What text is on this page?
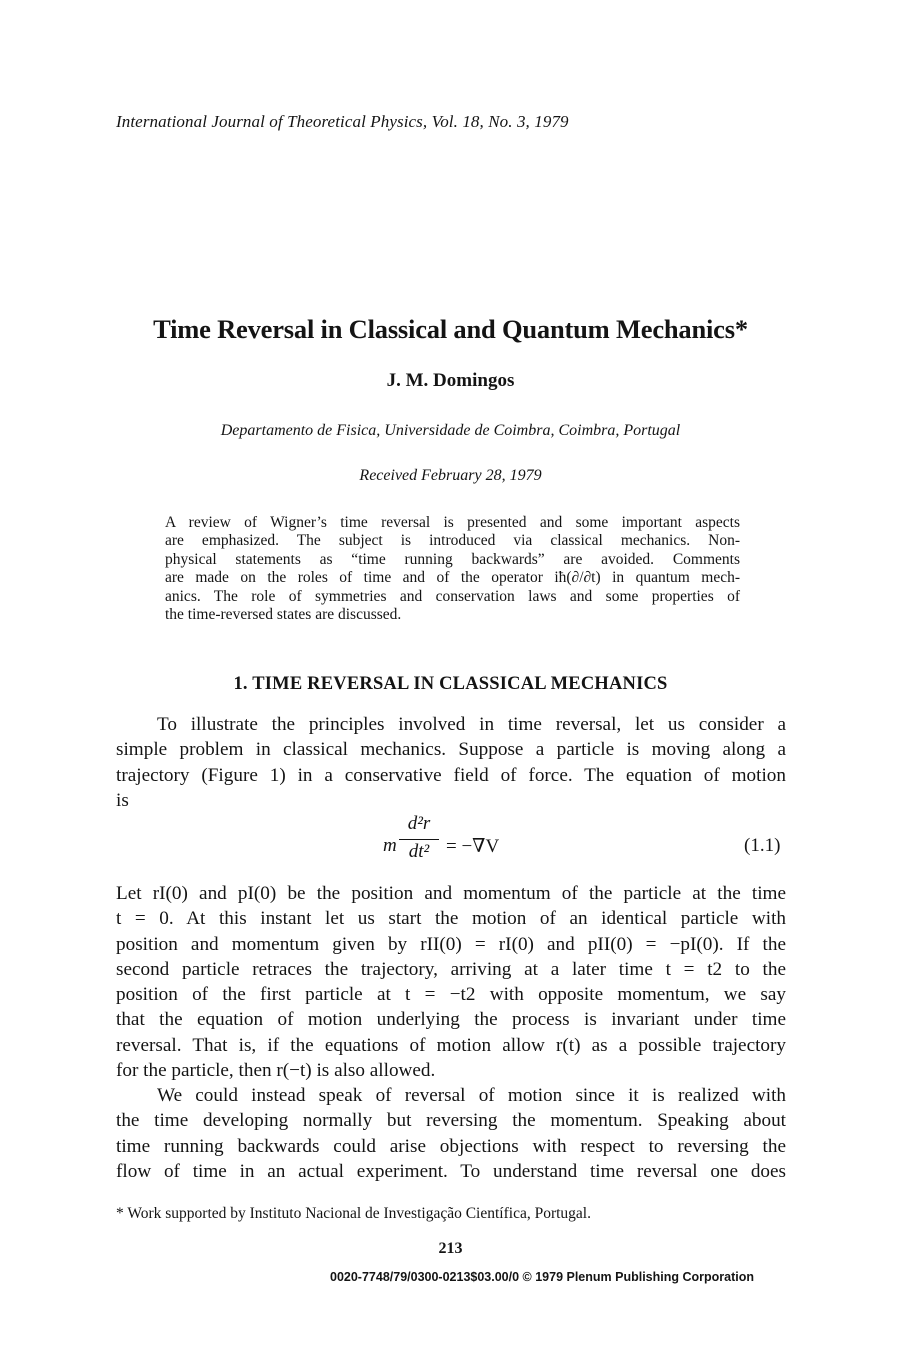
International Journal of Theoretical Physics, Vol. 18, No. 3, 1979
Time Reversal in Classical and Quantum Mechanics*
J. M. Domingos
Departamento de Fisica, Universidade de Coimbra, Coimbra, Portugal
Received February 28, 1979
A review of Wigner’s time reversal is presented and some important aspects
are emphasized. The subject is introduced via classical mechanics. Non-
physical statements as “time running backwards” are avoided. Comments
are made on the roles of time and of the operator iħ(∂/∂t) in quantum mech-
anics. The role of symmetries and conservation laws and some properties of
the time-reversed states are discussed.
1. TIME REVERSAL IN CLASSICAL MECHANICS
To illustrate the principles involved in time reversal, let us consider a
simple problem in classical mechanics. Suppose a particle is moving along a
trajectory (Figure 1) in a conservative field of force. The equation of motion
is
m
d²r
dt² = −∇V	(1.1)
Let rI(0) and pI(0) be the position and momentum of the particle at the time
t = 0. At this instant let us start the motion of an identical particle with
position and momentum given by rII(0) = rI(0) and pII(0) = −pI(0). If the
second particle retraces the trajectory, arriving at a later time t = t2 to the
position of the first particle at t = −t2 with opposite momentum, we say
that the equation of motion underlying the process is invariant under time
reversal. That is, if the equations of motion allow r(t) as a possible trajectory
for the particle, then r(−t) is also allowed.
We could instead speak of reversal of motion since it is realized with
the time developing normally but reversing the momentum. Speaking about
time running backwards could arise objections with respect to reversing the
flow of time in an actual experiment. To understand time reversal one does
* Work supported by Instituto Nacional de Investigação Científica, Portugal.
213
0020-7748/79/0300-0213$03.00/0 © 1979 Plenum Publishing Corporation
